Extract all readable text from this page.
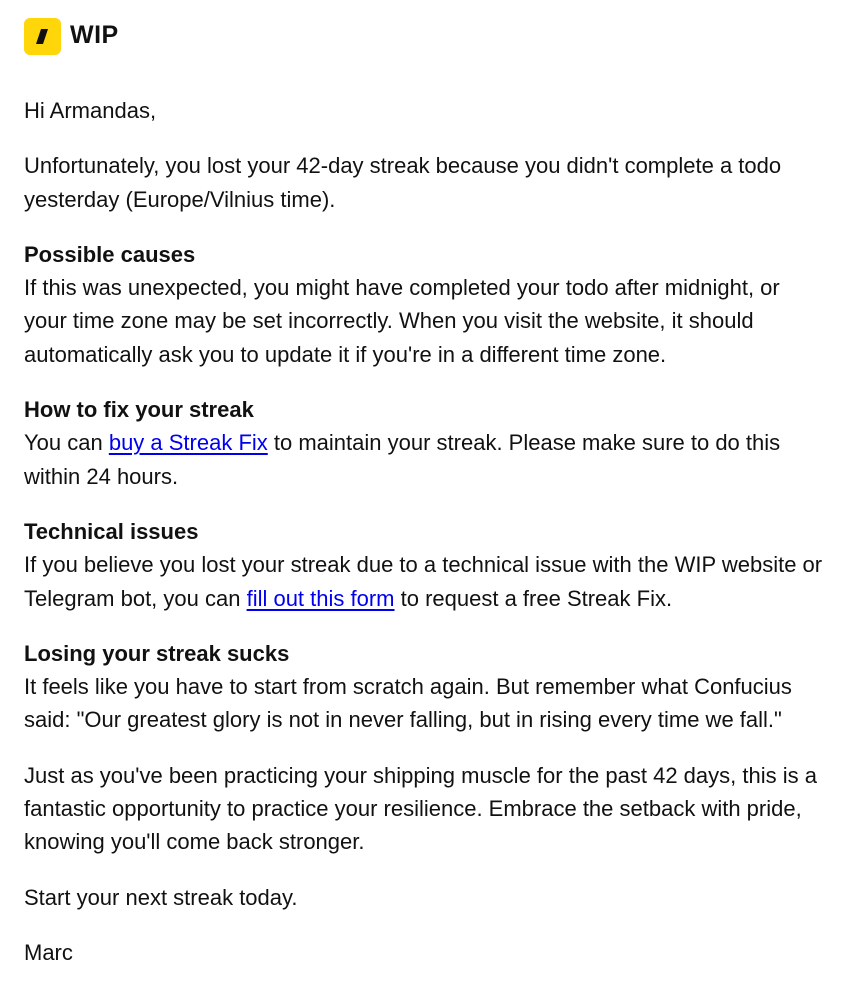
WIP

Hi Armandas,

Unfortunately, you lost your 42-day streak because you didn't complete a todo yesterday (Europe/Vilnius time).

Possible causes
If this was unexpected, you might have completed your todo after midnight, or your time zone may be set incorrectly. When you visit the website, it should automatically ask you to update it if you're in a different time zone.
How to fix your streak
You can buy a Streak Fix to maintain your streak. Please make sure to do this within 24 hours.
Technical issues
If you believe you lost your streak due to a technical issue with the WIP website or Telegram bot, you can fill out this form to request a free Streak Fix.
Losing your streak sucks
It feels like you have to start from scratch again. But remember what Confucius said: "Our greatest glory is not in never falling, but in rising every time we fall."

Just as you've been practicing your shipping muscle for the past 42 days, this is a fantastic opportunity to practice your resilience. Embrace the setback with pride, knowing you'll come back stronger.

Start your next streak today.

Marc
